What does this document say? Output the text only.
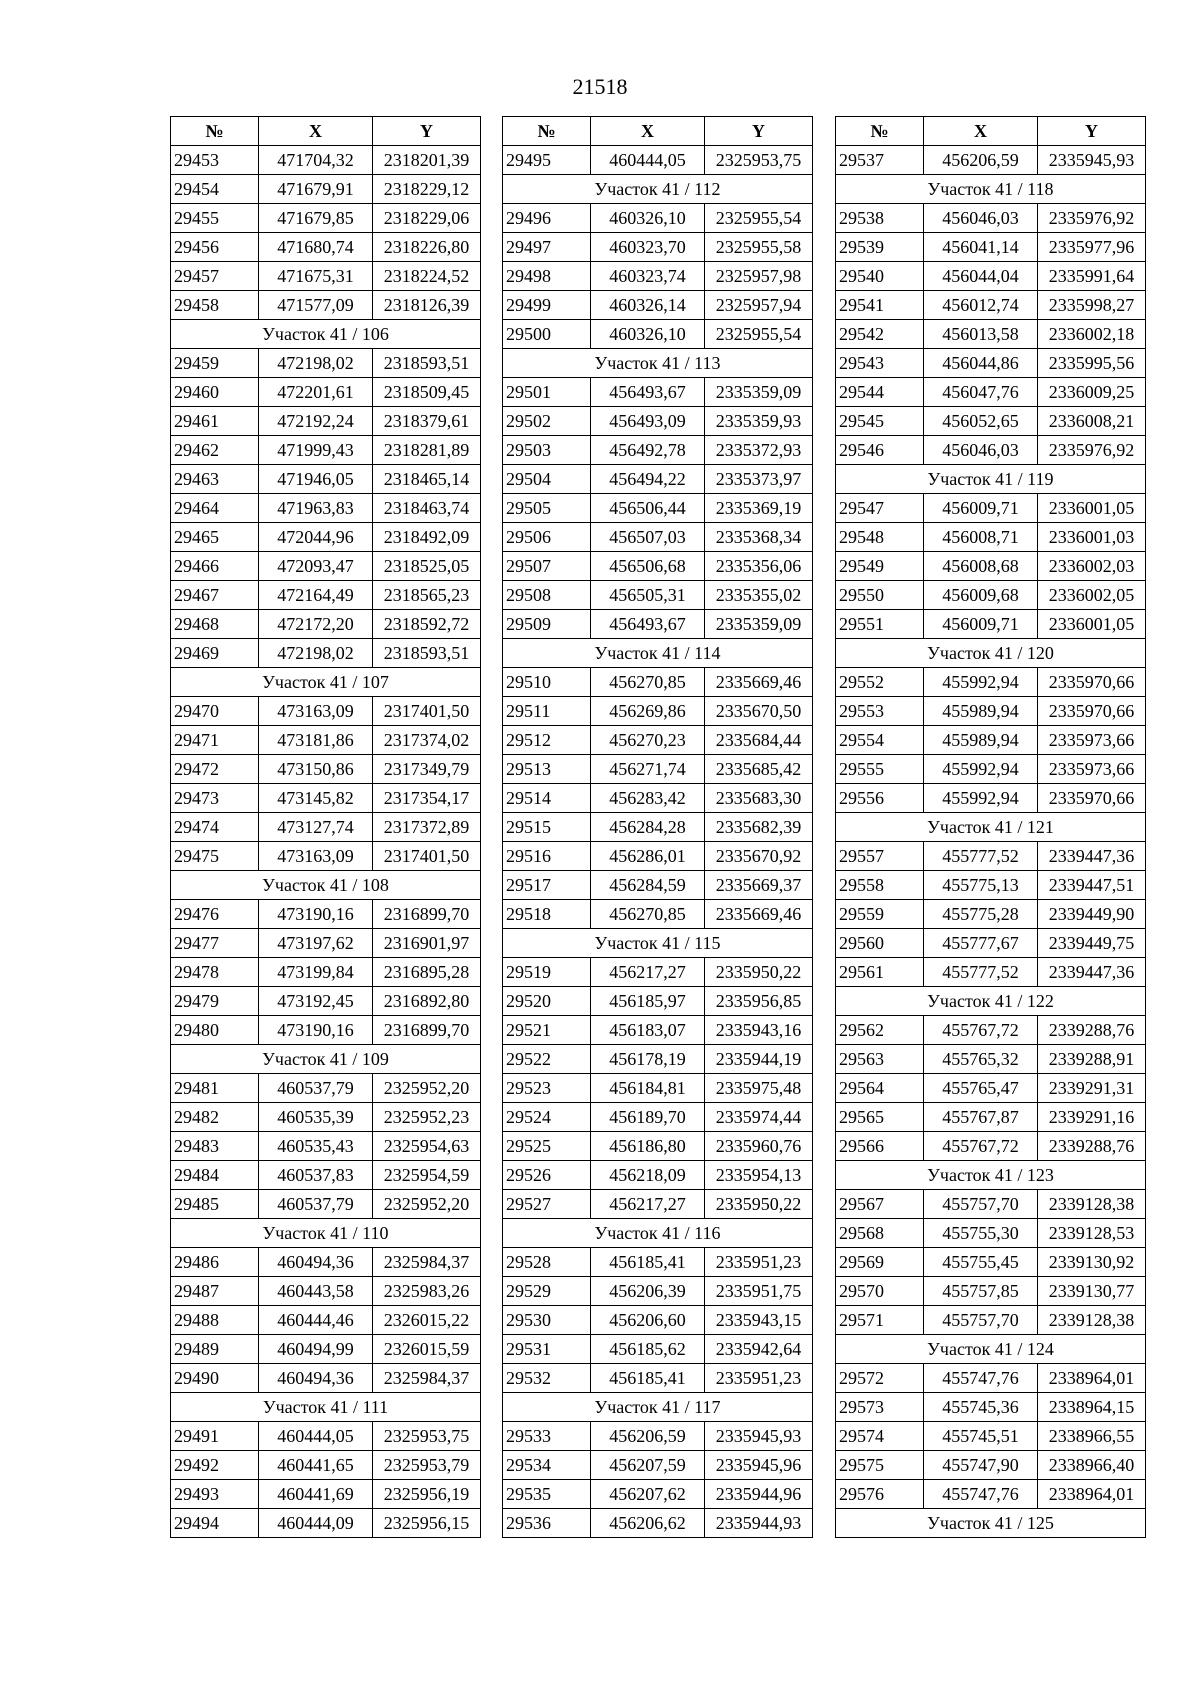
21518
№	X	Y
29453	471704,32	2318201,39
29454	471679,91	2318229,12
29455	471679,85	2318229,06
29456	471680,74	2318226,80
29457	471675,31	2318224,52
29458	471577,09	2318126,39
Участок 41 / 106		
29459	472198,02	2318593,51
29460	472201,61	2318509,45
29461	472192,24	2318379,61
29462	471999,43	2318281,89
29463	471946,05	2318465,14
29464	471963,83	2318463,74
29465	472044,96	2318492,09
29466	472093,47	2318525,05
29467	472164,49	2318565,23
29468	472172,20	2318592,72
29469	472198,02	2318593,51
Участок 41 / 107		
29470	473163,09	2317401,50
29471	473181,86	2317374,02
29472	473150,86	2317349,79
29473	473145,82	2317354,17
29474	473127,74	2317372,89
29475	473163,09	2317401,50
Участок 41 / 108		
29476	473190,16	2316899,70
29477	473197,62	2316901,97
29478	473199,84	2316895,28
29479	473192,45	2316892,80
29480	473190,16	2316899,70
Участок 41 / 109		
29481	460537,79	2325952,20
29482	460535,39	2325952,23
29483	460535,43	2325954,63
29484	460537,83	2325954,59
29485	460537,79	2325952,20
Участок 41 / 110		
29486	460494,36	2325984,37
29487	460443,58	2325983,26
29488	460444,46	2326015,22
29489	460494,99	2326015,59
29490	460494,36	2325984,37
Участок 41 / 111		
29491	460444,05	2325953,75
29492	460441,65	2325953,79
29493	460441,69	2325956,19
29494	460444,09	2325956,15
№	X	Y
29495	460444,05	2325953,75
Участок 41 / 112		
29496	460326,10	2325955,54
29497	460323,70	2325955,58
29498	460323,74	2325957,98
29499	460326,14	2325957,94
29500	460326,10	2325955,54
Участок 41 / 113		
29501	456493,67	2335359,09
29502	456493,09	2335359,93
29503	456492,78	2335372,93
29504	456494,22	2335373,97
29505	456506,44	2335369,19
29506	456507,03	2335368,34
29507	456506,68	2335356,06
29508	456505,31	2335355,02
29509	456493,67	2335359,09
Участок 41 / 114		
29510	456270,85	2335669,46
29511	456269,86	2335670,50
29512	456270,23	2335684,44
29513	456271,74	2335685,42
29514	456283,42	2335683,30
29515	456284,28	2335682,39
29516	456286,01	2335670,92
29517	456284,59	2335669,37
29518	456270,85	2335669,46
Участок 41 / 115		
29519	456217,27	2335950,22
29520	456185,97	2335956,85
29521	456183,07	2335943,16
29522	456178,19	2335944,19
29523	456184,81	2335975,48
29524	456189,70	2335974,44
29525	456186,80	2335960,76
29526	456218,09	2335954,13
29527	456217,27	2335950,22
Участок 41 / 116		
29528	456185,41	2335951,23
29529	456206,39	2335951,75
29530	456206,60	2335943,15
29531	456185,62	2335942,64
29532	456185,41	2335951,23
Участок 41 / 117		
29533	456206,59	2335945,93
29534	456207,59	2335945,96
29535	456207,62	2335944,96
29536	456206,62	2335944,93
№	X	Y
29537	456206,59	2335945,93
Участок 41 / 118		
29538	456046,03	2335976,92
29539	456041,14	2335977,96
29540	456044,04	2335991,64
29541	456012,74	2335998,27
29542	456013,58	2336002,18
29543	456044,86	2335995,56
29544	456047,76	2336009,25
29545	456052,65	2336008,21
29546	456046,03	2335976,92
Участок 41 / 119		
29547	456009,71	2336001,05
29548	456008,71	2336001,03
29549	456008,68	2336002,03
29550	456009,68	2336002,05
29551	456009,71	2336001,05
Участок 41 / 120		
29552	455992,94	2335970,66
29553	455989,94	2335970,66
29554	455989,94	2335973,66
29555	455992,94	2335973,66
29556	455992,94	2335970,66
Участок 41 / 121		
29557	455777,52	2339447,36
29558	455775,13	2339447,51
29559	455775,28	2339449,90
29560	455777,67	2339449,75
29561	455777,52	2339447,36
Участок 41 / 122		
29562	455767,72	2339288,76
29563	455765,32	2339288,91
29564	455765,47	2339291,31
29565	455767,87	2339291,16
29566	455767,72	2339288,76
Участок 41 / 123		
29567	455757,70	2339128,38
29568	455755,30	2339128,53
29569	455755,45	2339130,92
29570	455757,85	2339130,77
29571	455757,70	2339128,38
Участок 41 / 124		
29572	455747,76	2338964,01
29573	455745,36	2338964,15
29574	455745,51	2338966,55
29575	455747,90	2338966,40
29576	455747,76	2338964,01
Участок 41 / 125		
